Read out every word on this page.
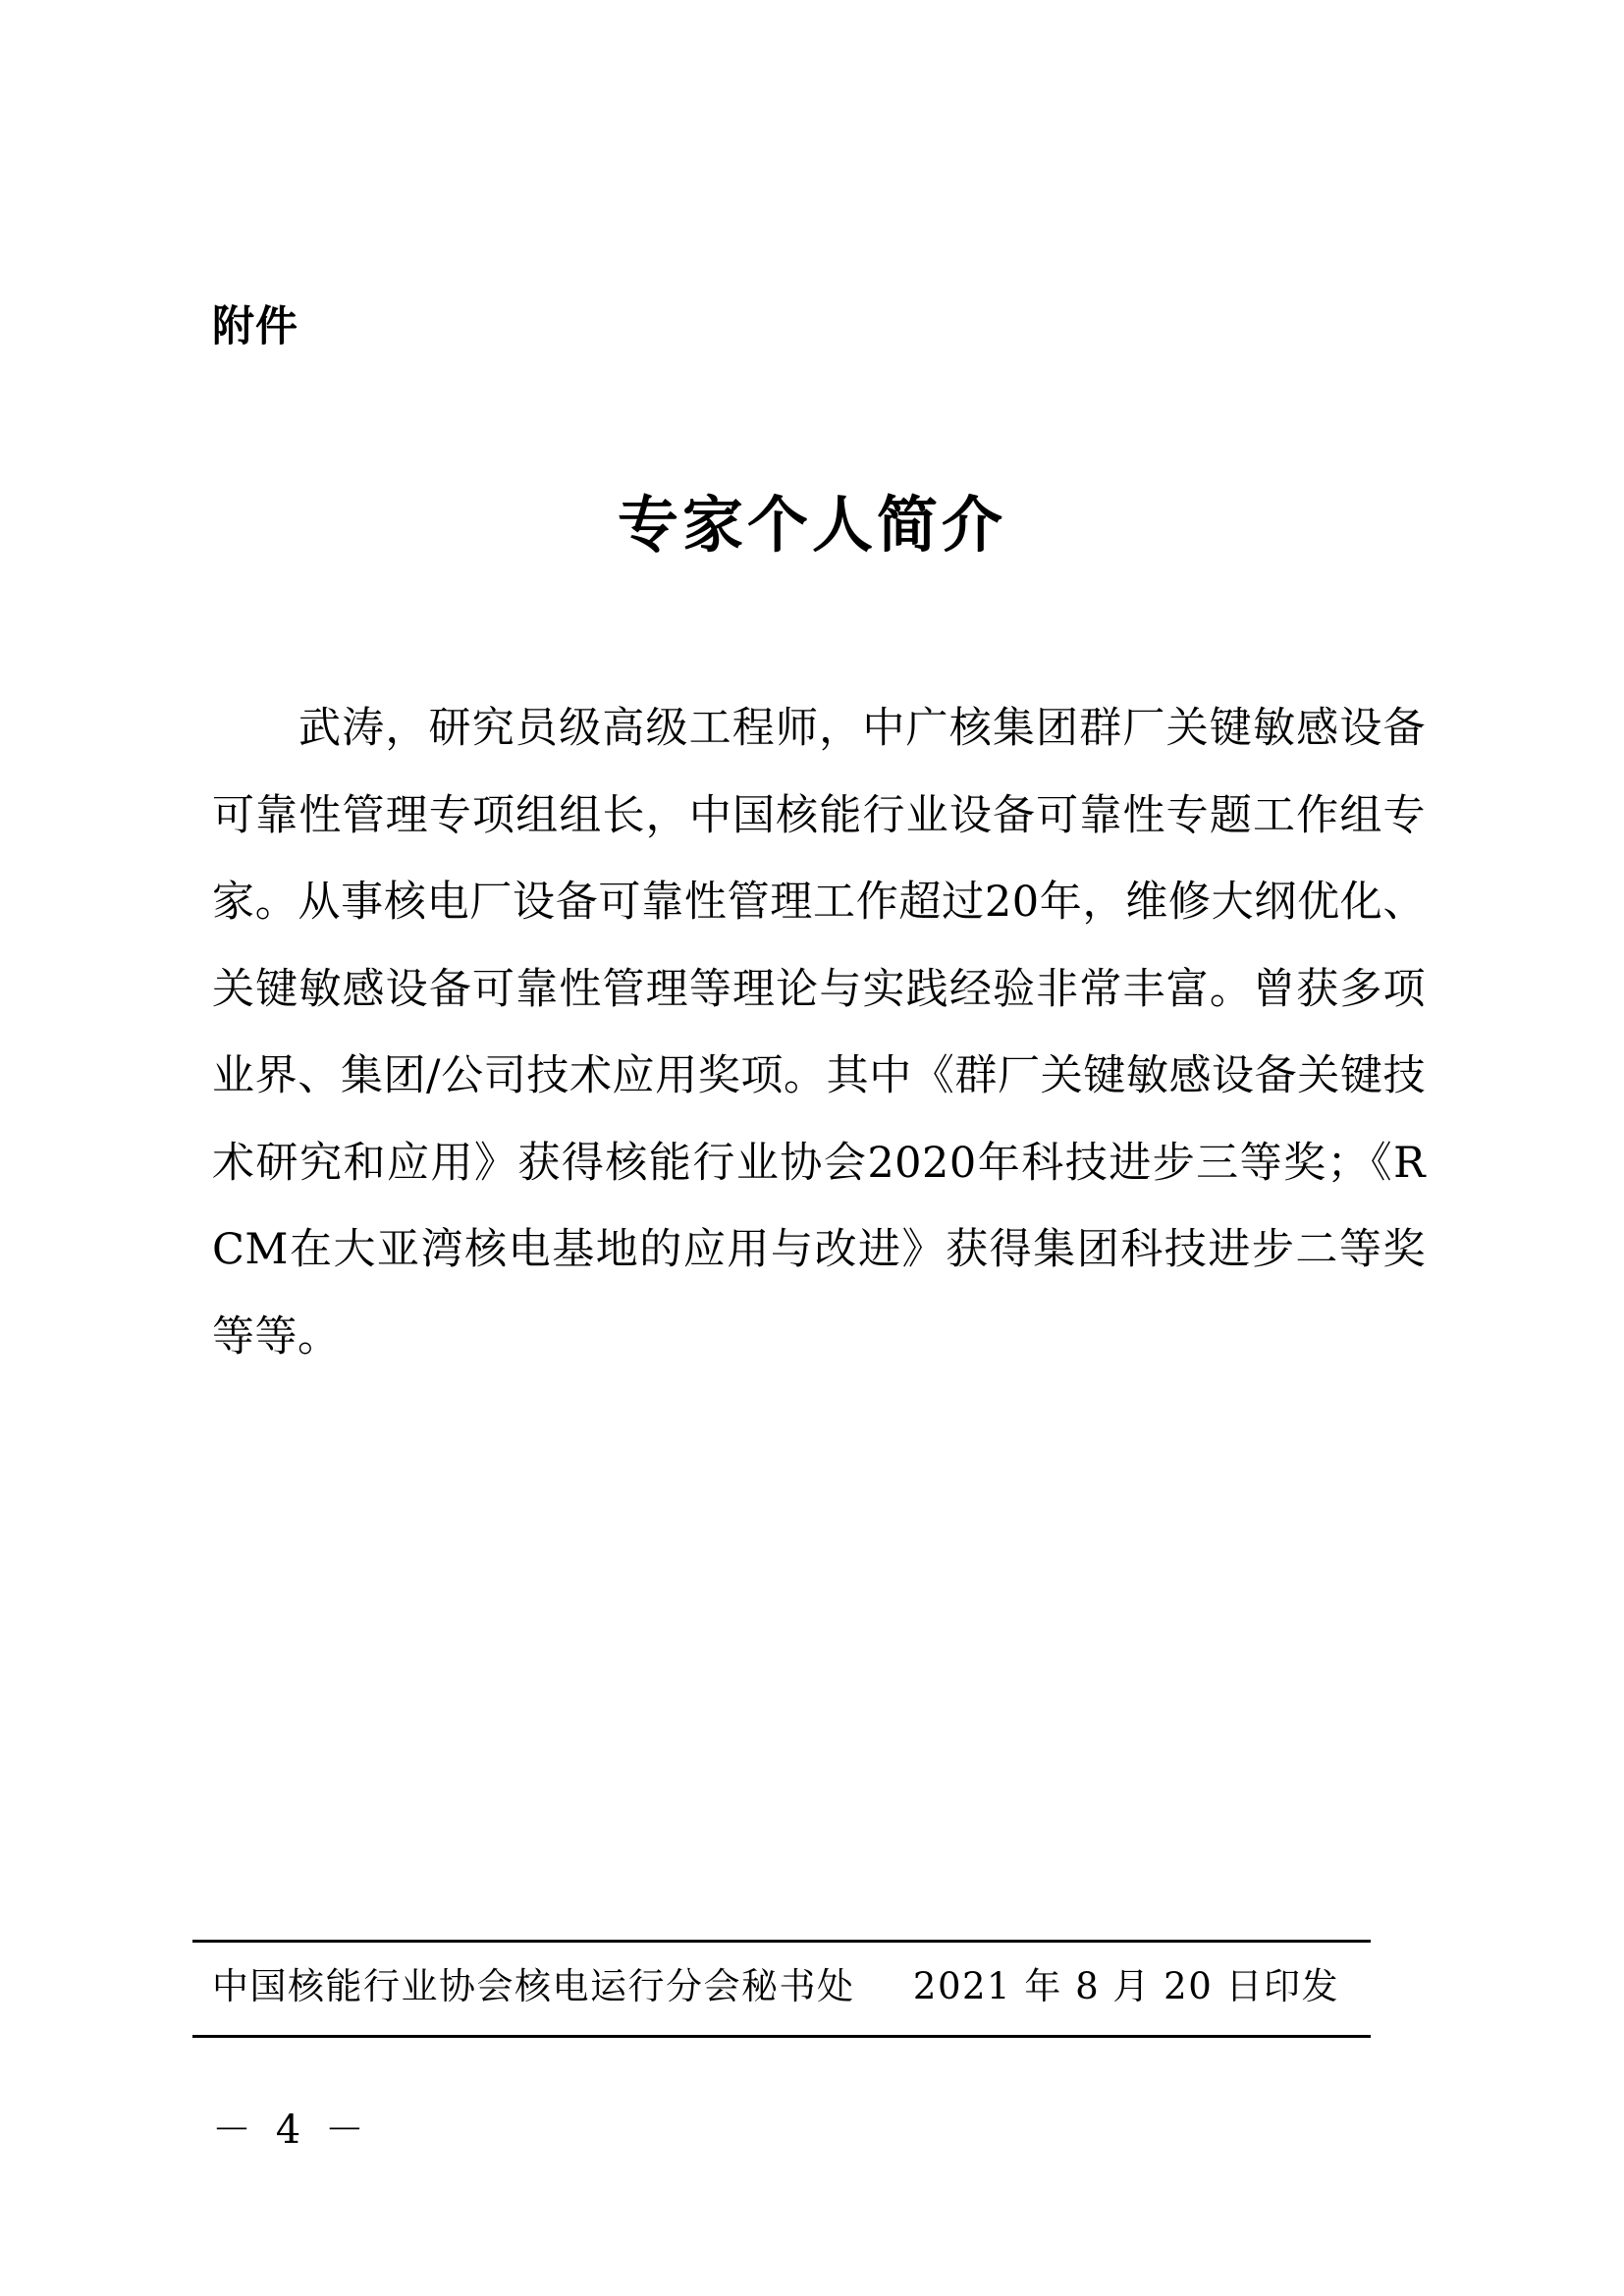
附件
专家个人简介

武涛，研究员级高级工程师，中广核集团群厂关键敏感设备可靠性管理专项组组长，中国核能行业设备可靠性专题工作组专家。从事核电厂设备可靠性管理工作超过20年，维修大纲优化、关键敏感设备可靠性管理等理论与实践经验非常丰富。曾获多项业界、集团/公司技术应用奖项。其中《群厂关键敏感设备关键技术研究和应用》获得核能行业协会2020年科技进步三等奖；《RCM在大亚湾核电基地的应用与改进》获得集团科技进步二等奖等等。

中国核能行业协会核电运行分会秘书处 2021 年 8 月 20 日印发
－ 4 －
